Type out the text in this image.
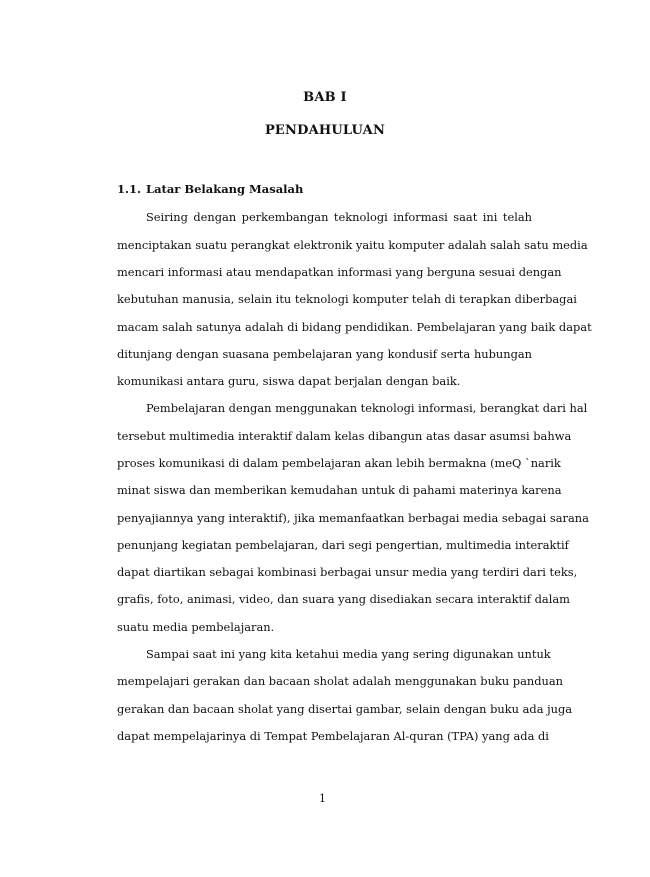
BAB I
PENDAHULUAN
1.1. Latar Belakang Masalah
Seiring dengan perkembangan teknologi informasi saat ini telah
menciptakan suatu perangkat elektronik yaitu komputer adalah salah satu media
mencari informasi atau mendapatkan informasi yang berguna sesuai dengan
kebutuhan manusia, selain itu teknologi komputer telah di terapkan diberbagai
macam salah satunya adalah di bidang pendidikan. Pembelajaran yang baik dapat
ditunjang dengan suasana pembelajaran yang kondusif serta hubungan
komunikasi antara guru, siswa dapat berjalan dengan baik.
Pembelajaran dengan menggunakan teknologi informasi, berangkat dari hal
tersebut multimedia interaktif dalam kelas dibangun atas dasar asumsi bahwa
proses komunikasi di dalam pembelajaran akan lebih bermakna (meQ `narik
minat siswa dan memberikan kemudahan untuk di pahami materinya karena
penyajiannya yang interaktif), jika memanfaatkan berbagai media sebagai sarana
penunjang kegiatan pembelajaran, dari segi pengertian, multimedia interaktif
dapat diartikan sebagai kombinasi berbagai unsur media yang terdiri dari teks,
grafis, foto, animasi, video, dan suara yang disediakan secara interaktif dalam
suatu media pembelajaran.
Sampai saat ini yang kita ketahui media yang sering digunakan untuk
mempelajari gerakan dan bacaan sholat adalah menggunakan buku panduan
gerakan dan bacaan sholat yang disertai gambar, selain dengan buku ada juga
dapat mempelajarinya di Tempat Pembelajaran Al-quran (TPA) yang ada di
1
